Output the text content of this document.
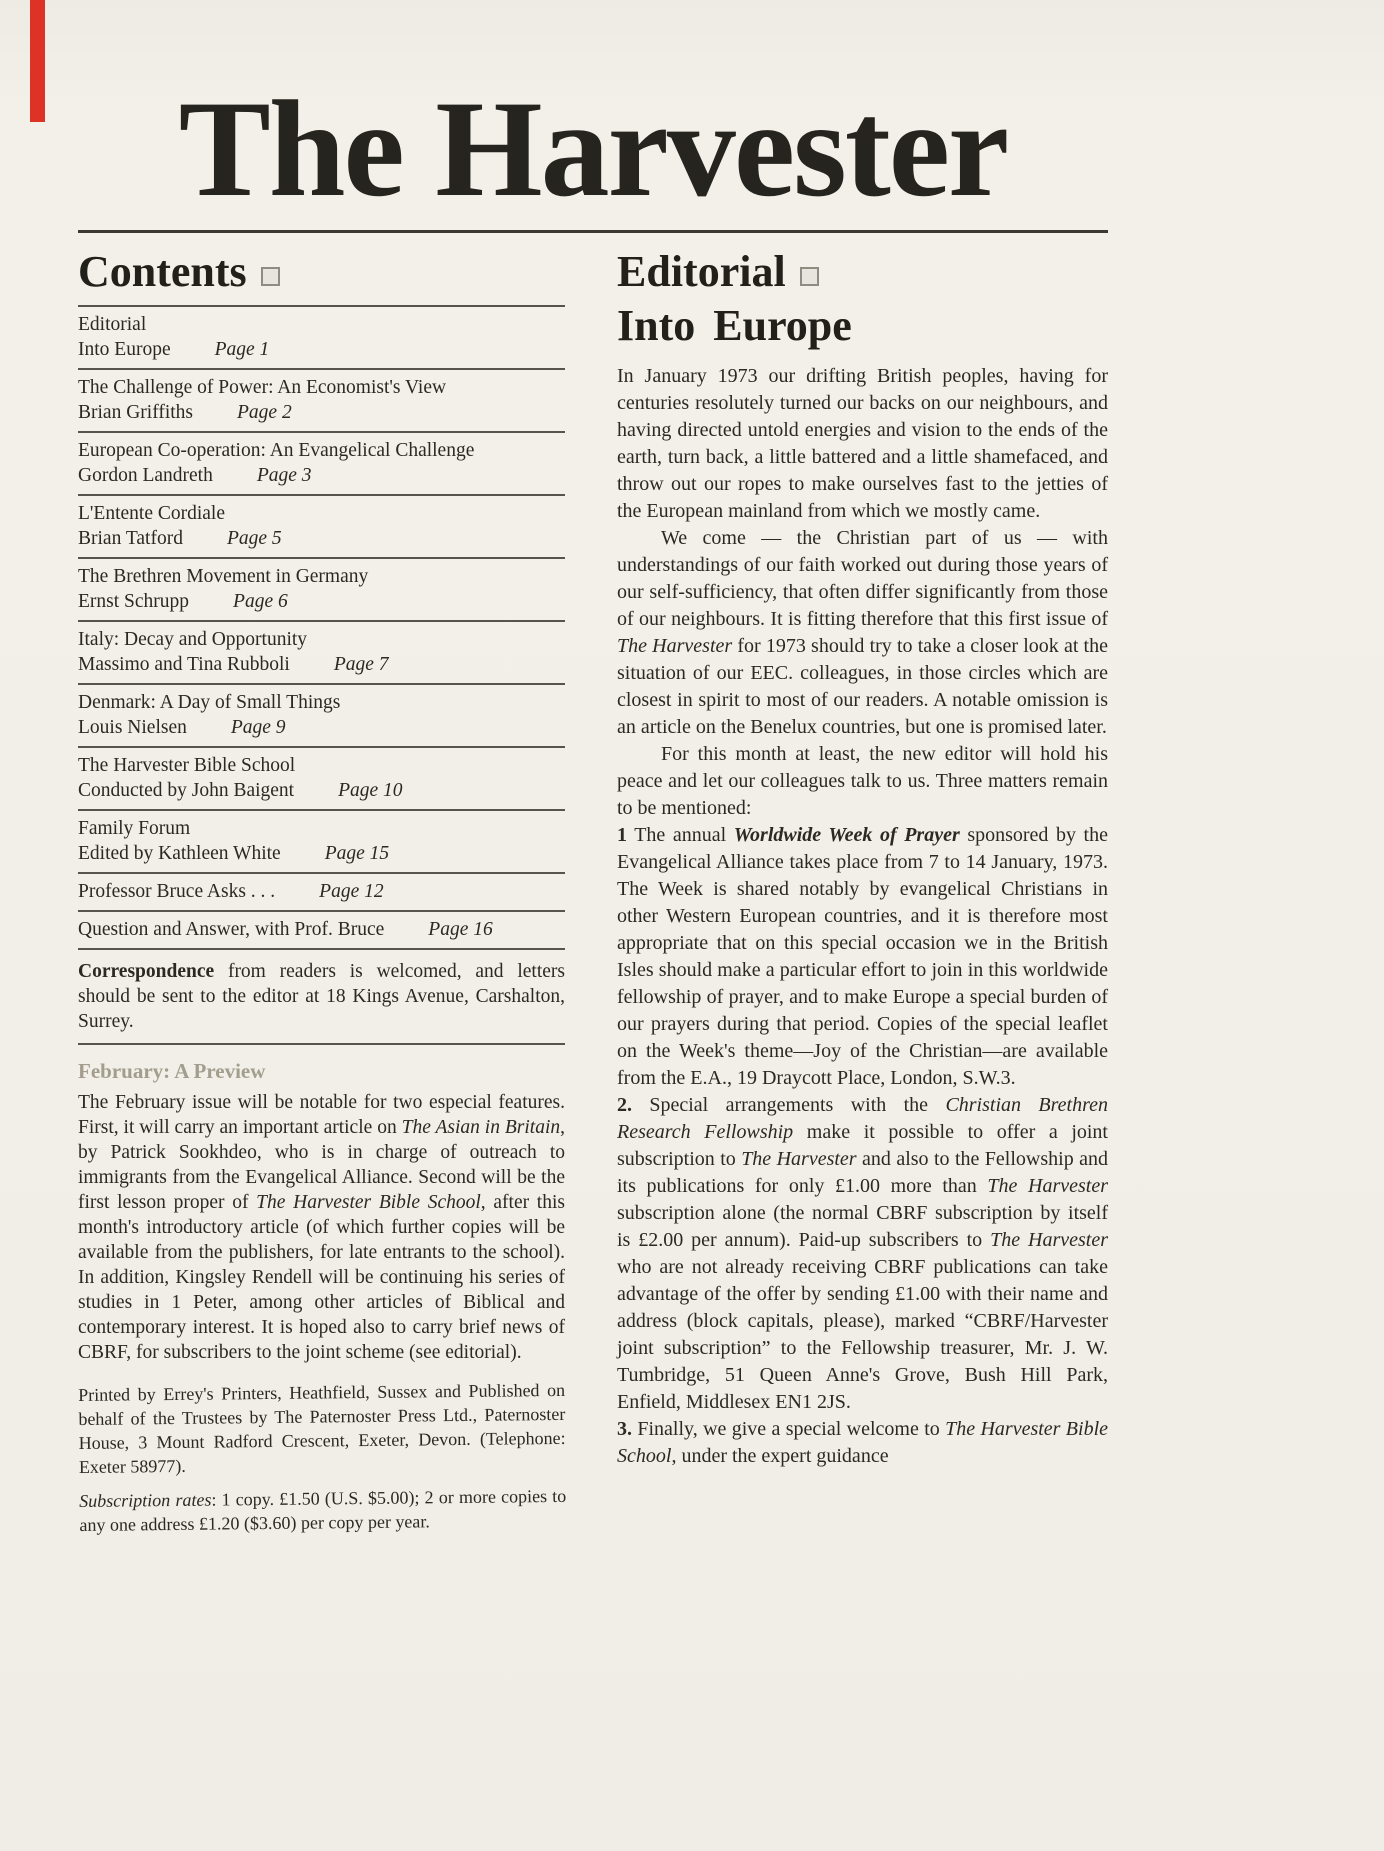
The Harvester
Contents
Editorial
Into Europe Page 1
The Challenge of Power: An Economist's View
Brian Griffiths Page 2
European Co-operation: An Evangelical Challenge
Gordon Landreth Page 3
L'Entente Cordiale
Brian Tatford Page 5
The Brethren Movement in Germany
Ernst Schrupp Page 6
Italy: Decay and Opportunity
Massimo and Tina Rubboli Page 7
Denmark: A Day of Small Things
Louis Nielsen Page 9
The Harvester Bible School
Conducted by John Baigent Page 10
Family Forum
Edited by Kathleen White Page 15
Professor Bruce Asks . . . Page 12
Question and Answer, with Prof. Bruce Page 16

Correspondence from readers is welcomed, and letters should be sent to the editor at 18 Kings Avenue, Carshalton, Surrey.

February: A Preview

The February issue will be notable for two especial features. First, it will carry an important article on The Asian in Britain, by Patrick Sookhdeo, who is in charge of outreach to immigrants from the Evangelical Alliance. Second will be the first lesson proper of The Harvester Bible School, after this month's introductory article (of which further copies will be available from the publishers, for late entrants to the school). In addition, Kingsley Rendell will be continuing his series of studies in 1 Peter, among other articles of Biblical and contemporary interest. It is hoped also to carry brief news of CBRF, for subscribers to the joint scheme (see editorial).

Printed by Errey's Printers, Heathfield, Sussex and Published on behalf of the Trustees by The Paternoster Press Ltd., Paternoster House, 3 Mount Radford Crescent, Exeter, Devon. (Telephone: Exeter 58977).

Subscription rates: 1 copy. £1.50 (U.S. $5.00); 2 or more copies to any one address £1.20 ($3.60) per copy per year.

Editorial
Into Europe

In January 1973 our drifting British peoples, having for centuries resolutely turned our backs on our neighbours, and having directed untold energies and vision to the ends of the earth, turn back, a little battered and a little shamefaced, and throw out our ropes to make ourselves fast to the jetties of the European mainland from which we mostly came.

We come — the Christian part of us — with understandings of our faith worked out during those years of our self-sufficiency, that often differ significantly from those of our neighbours. It is fitting therefore that this first issue of The Harvester for 1973 should try to take a closer look at the situation of our EEC. colleagues, in those circles which are closest in spirit to most of our readers. A notable omission is an article on the Benelux countries, but one is promised later.

For this month at least, the new editor will hold his peace and let our colleagues talk to us. Three matters remain to be mentioned:

1 The annual Worldwide Week of Prayer sponsored by the Evangelical Alliance takes place from 7 to 14 January, 1973. The Week is shared notably by evangelical Christians in other Western European countries, and it is therefore most appropriate that on this special occasion we in the British Isles should make a particular effort to join in this worldwide fellowship of prayer, and to make Europe a special burden of our prayers during that period. Copies of the special leaflet on the Week's theme—Joy of the Christian—are available from the E.A., 19 Draycott Place, London, S.W.3.

2. Special arrangements with the Christian Brethren Research Fellowship make it possible to offer a joint subscription to The Harvester and also to the Fellowship and its publications for only £1.00 more than The Harvester subscription alone (the normal CBRF subscription by itself is £2.00 per annum). Paid-up subscribers to The Harvester who are not already receiving CBRF publications can take advantage of the offer by sending £1.00 with their name and address (block capitals, please), marked “CBRF/Harvester joint subscription” to the Fellowship treasurer, Mr. J. W. Tumbridge, 51 Queen Anne's Grove, Bush Hill Park, Enfield, Middlesex EN1 2JS.

3. Finally, we give a special welcome to The Harvester Bible School, under the expert guidance
